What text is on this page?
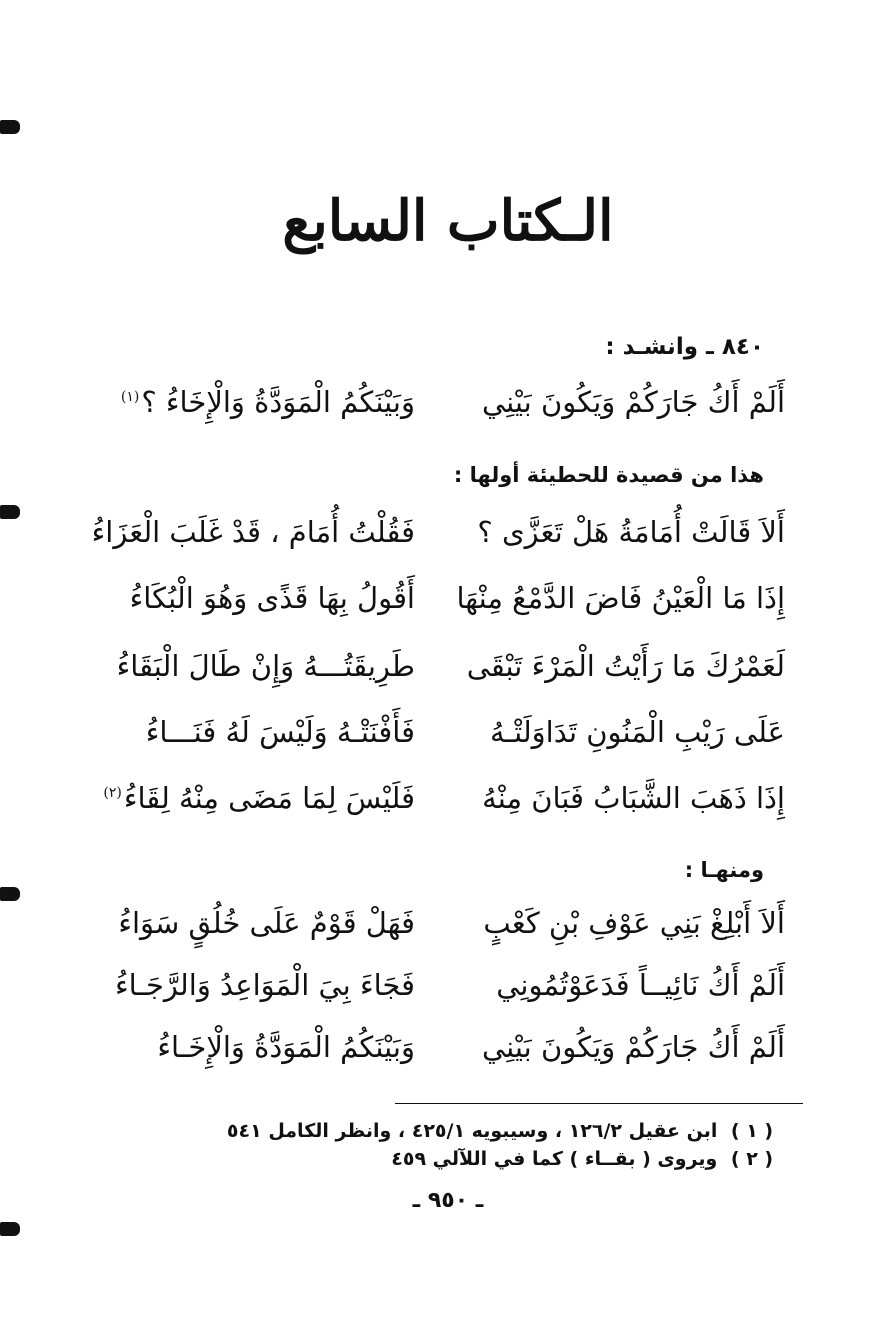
الـكتاب السابع
٨٤٠ ـ وانشـد :
أَلَمْ أَكُ جَارَكُمْ وَيَكُونَ بَيْنِي
وَبَيْنَكُمُ الْمَوَدَّةُ وَالْإِخَاءُ ؟$^{(١)}$
هذا من قصيدة للحطيئة أولها :
أَلاَ قَالَتْ أُمَامَةُ هَلْ تَعَزَّى ؟
فَقُلْتُ أُمَامَ ، قَدْ غَلَبَ الْعَزَاءُ
إِذَا مَا الْعَيْنُ فَاضَ الدَّمْعُ مِنْهَا
أَقُولُ بِهَا قَذًى وَهُوَ الْبُكَاءُ
لَعَمْرُكَ مَا رَأَيْتُ الْمَرْءَ تَبْقَى
طَرِيقَتُـــهُ وَإِنْ طَالَ الْبَقَاءُ
عَلَى رَيْبِ الْمَنُونِ تَدَاوَلَتْـهُ
فَأَفْنَتْـهُ وَلَيْسَ لَهُ فَنَـــاءُ
إِذَا ذَهَبَ الشَّبَابُ فَبَانَ مِنْهُ
فَلَيْسَ لِمَا مَضَى مِنْهُ لِقَاءُ$^{(٢)}$
ومنهـا :
أَلاَ أَبْلِغْ بَنِي عَوْفِ بْنِ كَعْبٍ
فَهَلْ قَوْمٌ عَلَى خُلُقٍ سَوَاءُ
أَلَمْ أَكُ نَائِيــاً فَدَعَوْتُمُونِي
فَجَاءَ بِيَ الْمَوَاعِدُ وَالرَّجَـاءُ
أَلَمْ أَكُ جَارَكُمْ وَيَكُونَ بَيْنِي
وَبَيْنَكُمُ الْمَوَدَّةُ وَالْإِخَـاءُ
( ١ ) ابن عقيل ١٢٦/٢ ، وسيبويه ٤٢٥/١ ، وانظر الكامل ٥٤١
( ٢ ) ويروى ( بقــاء ) كما في اللآلي ٤٥٩
ـ ٩٥٠ ـ
